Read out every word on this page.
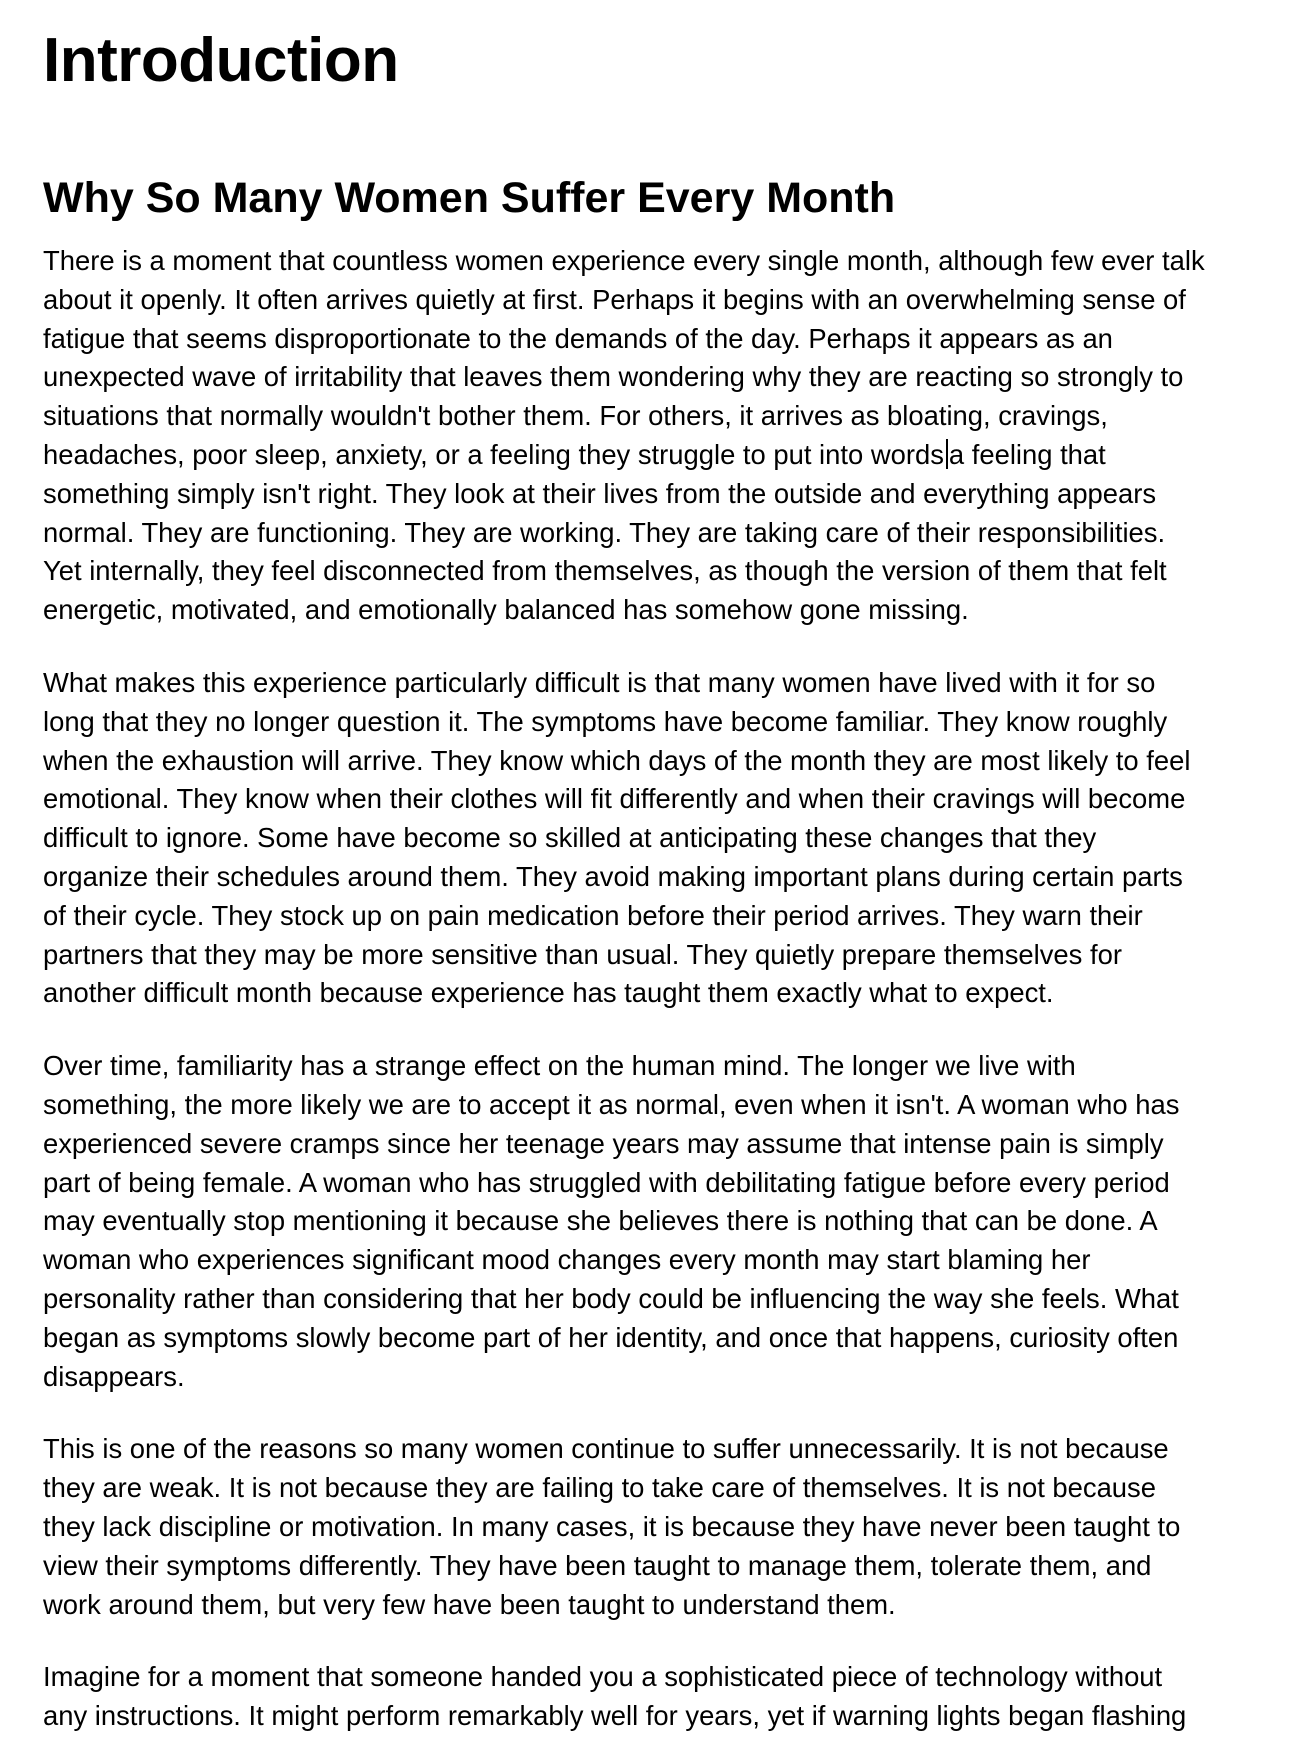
Introduction
Why So Many Women Suffer Every Month

There is a moment that countless women experience every single month, although few ever talk
about it openly. It often arrives quietly at first. Perhaps it begins with an overwhelming sense of
fatigue that seems disproportionate to the demands of the day. Perhaps it appears as an
unexpected wave of irritability that leaves them wondering why they are reacting so strongly to
situations that normally wouldn't bother them. For others, it arrives as bloating, cravings,
headaches, poor sleep, anxiety, or a feeling they struggle to put into words a feeling that
something simply isn't right. They look at their lives from the outside and everything appears
normal. They are functioning. They are working. They are taking care of their responsibilities.
Yet internally, they feel disconnected from themselves, as though the version of them that felt
energetic, motivated, and emotionally balanced has somehow gone missing.

What makes this experience particularly difficult is that many women have lived with it for so
long that they no longer question it. The symptoms have become familiar. They know roughly
when the exhaustion will arrive. They know which days of the month they are most likely to feel
emotional. They know when their clothes will fit differently and when their cravings will become
difficult to ignore. Some have become so skilled at anticipating these changes that they
organize their schedules around them. They avoid making important plans during certain parts
of their cycle. They stock up on pain medication before their period arrives. They warn their
partners that they may be more sensitive than usual. They quietly prepare themselves for
another difficult month because experience has taught them exactly what to expect.

Over time, familiarity has a strange effect on the human mind. The longer we live with
something, the more likely we are to accept it as normal, even when it isn't. A woman who has
experienced severe cramps since her teenage years may assume that intense pain is simply
part of being female. A woman who has struggled with debilitating fatigue before every period
may eventually stop mentioning it because she believes there is nothing that can be done. A
woman who experiences significant mood changes every month may start blaming her
personality rather than considering that her body could be influencing the way she feels. What
began as symptoms slowly become part of her identity, and once that happens, curiosity often
disappears.

This is one of the reasons so many women continue to suffer unnecessarily. It is not because
they are weak. It is not because they are failing to take care of themselves. It is not because
they lack discipline or motivation. In many cases, it is because they have never been taught to
view their symptoms differently. They have been taught to manage them, tolerate them, and
work around them, but very few have been taught to understand them.

Imagine for a moment that someone handed you a sophisticated piece of technology without
any instructions. It might perform remarkably well for years, yet if warning lights began flashing
